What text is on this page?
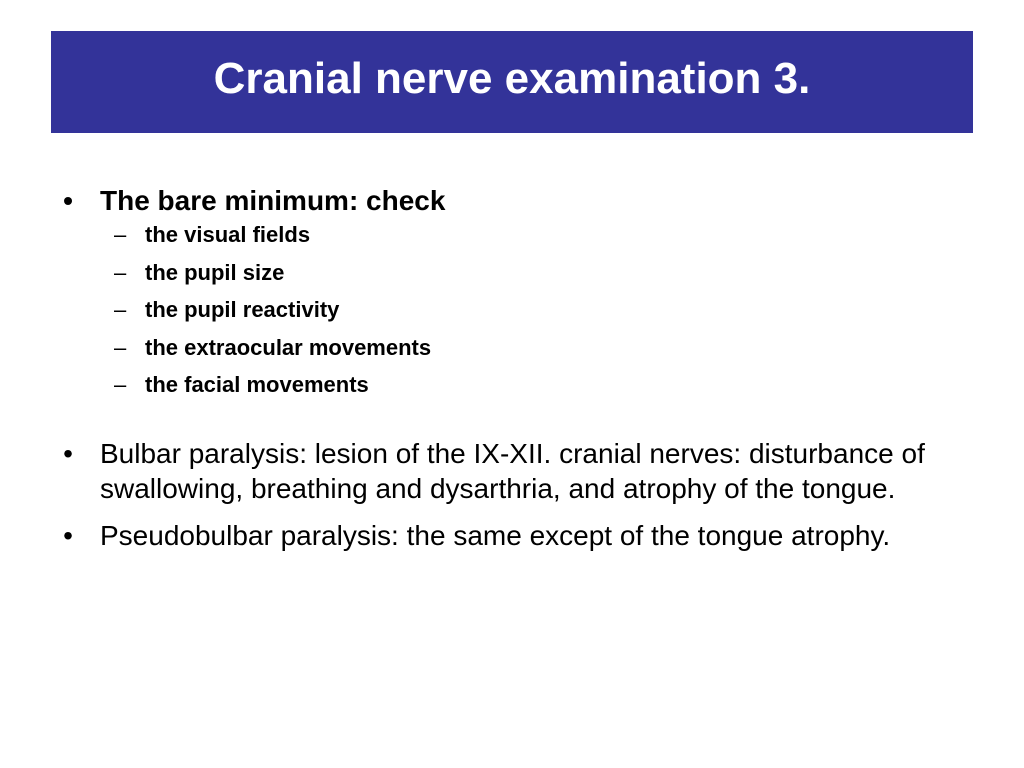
Cranial nerve examination 3.
• The bare minimum: check
– the visual fields
– the pupil size
– the pupil reactivity
– the extraocular movements
– the facial movements
• Bulbar paralysis: lesion of the IX-XII. cranial nerves: disturbance of swallowing, breathing and dysarthria, and atrophy of the tongue.
• Pseudobulbar paralysis: the same except of the tongue atrophy.
